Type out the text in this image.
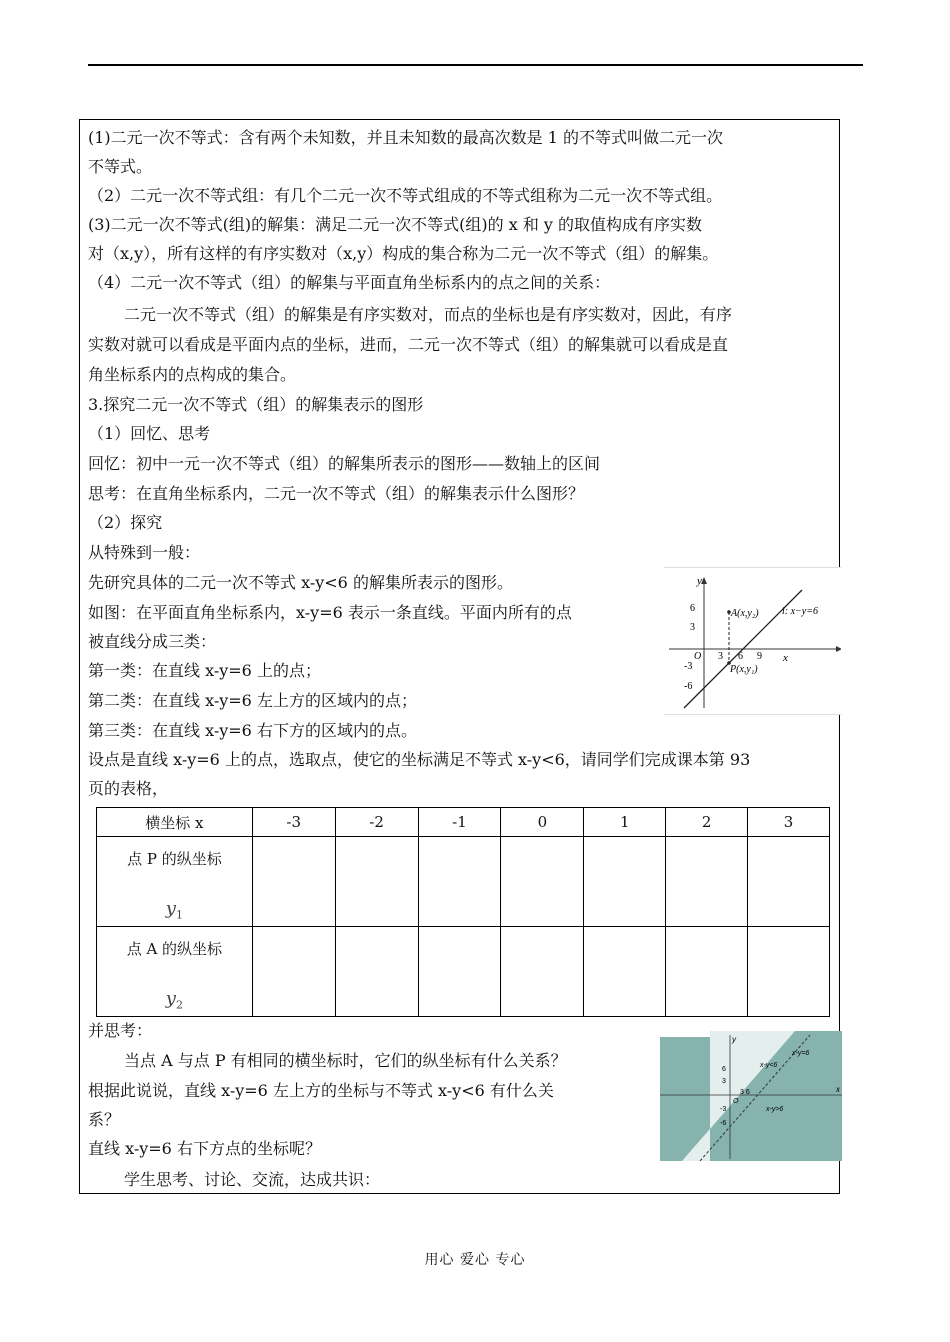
(1)二元一次不等式：含有两个未知数，并且未知数的最高次数是 1 的不等式叫做二元一次
不等式。
（2）二元一次不等式组：有几个二元一次不等式组成的不等式组称为二元一次不等式组。
(3)二元一次不等式(组)的解集：满足二元一次不等式(组)的 x 和 y 的取值构成有序实数
对（x,y），所有这样的有序实数对（x,y）构成的集合称为二元一次不等式（组）的解集。
（4）二元一次不等式（组）的解集与平面直角坐标系内的点之间的关系：
二元一次不等式（组）的解集是有序实数对，而点的坐标也是有序实数对，因此，有序
实数对就可以看成是平面内点的坐标，进而，二元一次不等式（组）的解集就可以看成是直
角坐标系内的点构成的集合。
3.探究二元一次不等式（组）的解集表示的图形
（1）回忆、思考
回忆：初中一元一次不等式（组）的解集所表示的图形——数轴上的区间
思考：在直角坐标系内，二元一次不等式（组）的解集表示什么图形？
（2）探究
从特殊到一般：
先研究具体的二元一次不等式 x-y<6 的解集所表示的图形。
如图：在平面直角坐标系内，x-y=6 表示一条直线。平面内所有的点
被直线分成三类：
第一类：在直线 x-y=6 上的点；
第二类：在直线 x-y=6 左上方的区域内的点；
第三类：在直线 x-y=6 右下方的区域内的点。
设点是直线 x-y=6 上的点，选取点，使它的坐标满足不等式 x-y<6，请同学们完成课本第 93
页的表格，
y
x
O
6
3
-3
-6
3 6 9
A(x,y₂)
P(x,y₁)
l: x−y=6
横坐标 x	-3	-2	-1	0	1	2	3

点 P 的纵坐标
$y_1$

点 A 的纵坐标
$y_2$

并思考：
当点 A 与点 P 有相同的横坐标时，它们的纵坐标有什么关系？
根据此说说，直线 x-y=6 左上方的坐标与不等式 x-y<6 有什么关
系？
直线 x-y=6 右下方点的坐标呢？
学生思考、讨论、交流，达成共识：
y
x
O
6
3
-3
-6
3 6
x-y<6
x-y=6
x-y>6
用心 爱心 专心
